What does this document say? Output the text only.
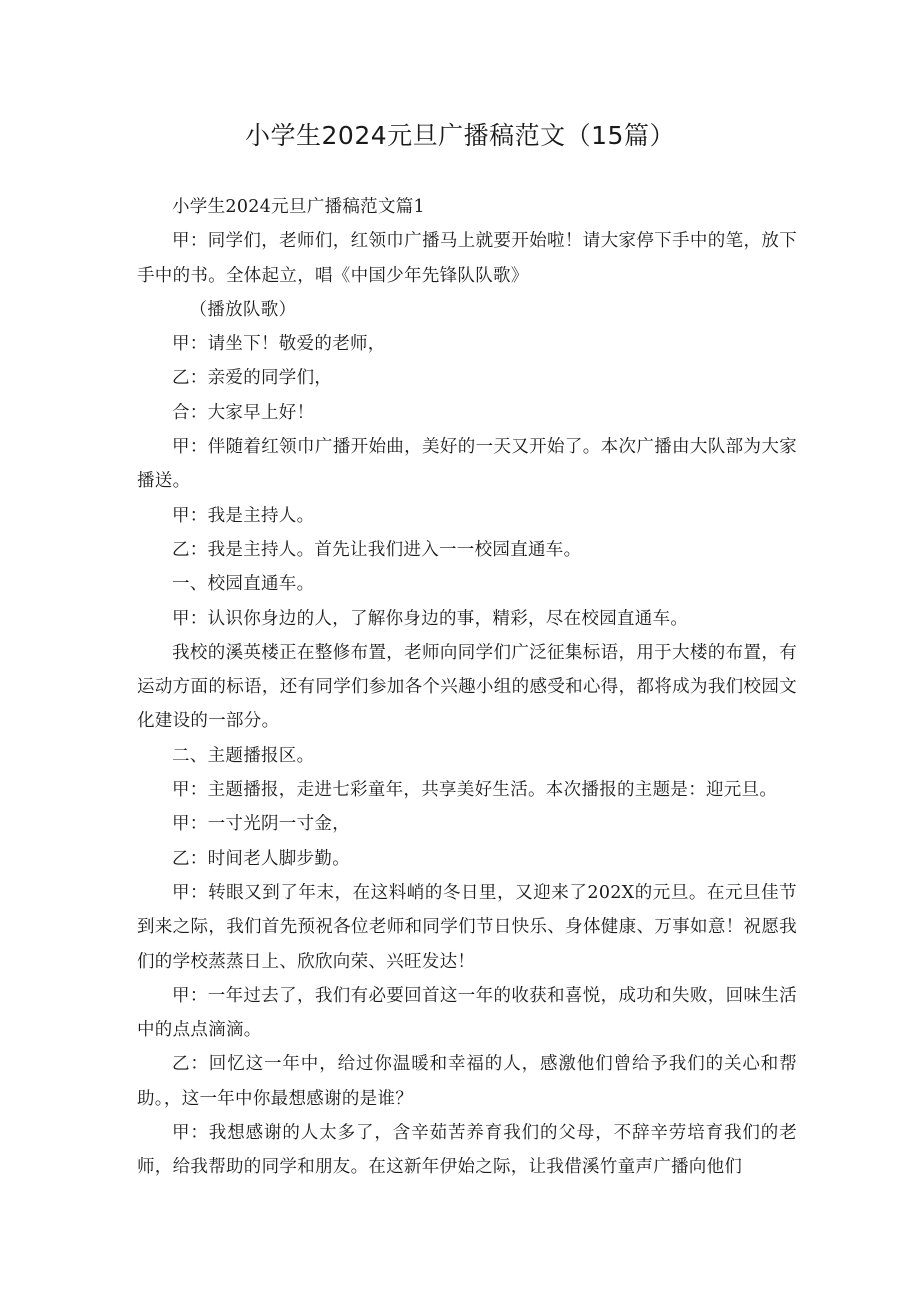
小学生2024元旦广播稿范文（15篇）

小学生2024元旦广播稿范文篇1

甲：同学们，老师们，红领巾广播马上就要开始啦！请大家停下手中的笔，放下手中的书。全体起立，唱《中国少年先锋队队歌》

（播放队歌）

甲：请坐下！敬爱的老师，

乙：亲爱的同学们，

合：大家早上好！

甲：伴随着红领巾广播开始曲，美好的一天又开始了。本次广播由大队部为大家播送。

甲：我是主持人。

乙：我是主持人。首先让我们进入一一校园直通车。

一、校园直通车。

甲：认识你身边的人，了解你身边的事，精彩，尽在校园直通车。

我校的溪英楼正在整修布置，老师向同学们广泛征集标语，用于大楼的布置，有运动方面的标语，还有同学们参加各个兴趣小组的感受和心得，都将成为我们校园文化建设的一部分。

二、主题播报区。

甲：主题播报，走进七彩童年，共享美好生活。本次播报的主题是：迎元旦。

甲：一寸光阴一寸金，

乙：时间老人脚步勤。

甲：转眼又到了年末，在这料峭的冬日里，又迎来了202X的元旦。在元旦佳节到来之际，我们首先预祝各位老师和同学们节日快乐、身体健康、万事如意！祝愿我们的学校蒸蒸日上、欣欣向荣、兴旺发达！

甲：一年过去了，我们有必要回首这一年的收获和喜悦，成功和失败，回味生活中的点点滴滴。

乙：回忆这一年中，给过你温暖和幸福的人，感激他们曾给予我们的关心和帮助。，这一年中你最想感谢的是谁？

甲：我想感谢的人太多了，含辛茹苦养育我们的父母，不辞辛劳培育我们的老师，给我帮助的同学和朋友。在这新年伊始之际，让我借溪竹童声广播向他们
